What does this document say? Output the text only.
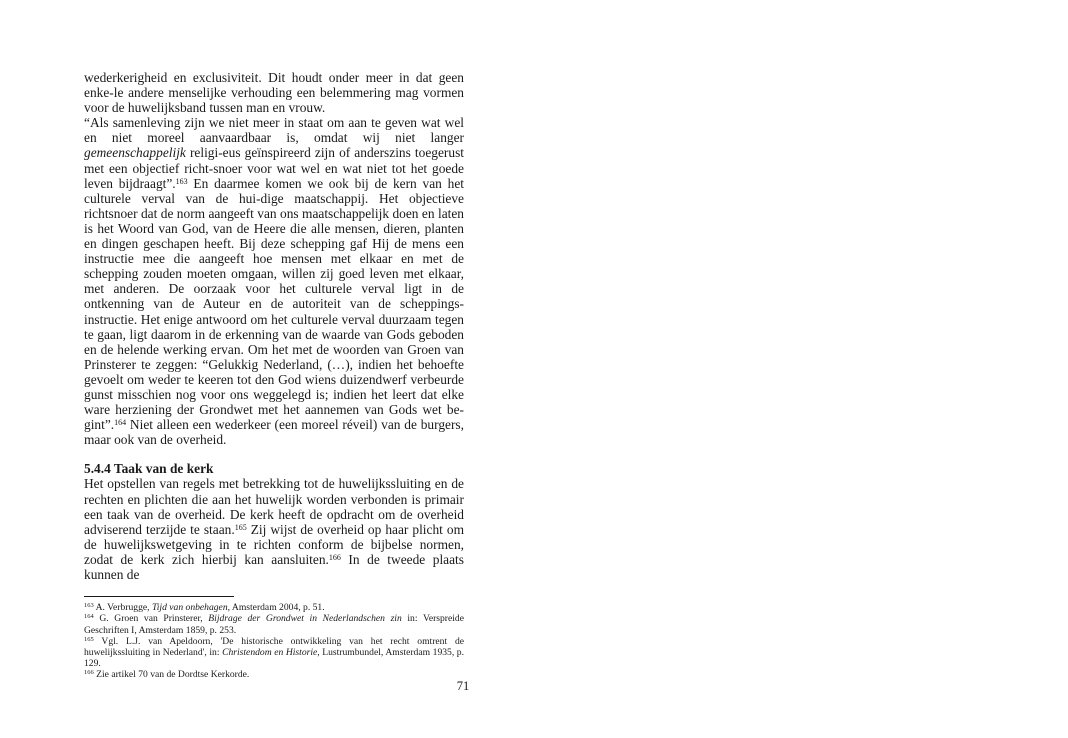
wederkerigheid en exclusiviteit. Dit houdt onder meer in dat geen enke-le andere menselijke verhouding een belemmering mag vormen voor de huwelijksband tussen man en vrouw.

“Als samenleving zijn we niet meer in staat om aan te geven wat wel en niet moreel aanvaardbaar is, omdat wij niet langer gemeenschappelijk religi-eus geïnspireerd zijn of anderszins toegerust met een objectief richt-snoer voor wat wel en wat niet tot het goede leven bijdraagt”.$^{163}$ En daarmee komen we ook bij de kern van het culturele verval van de hui-dige maatschappij. Het objectieve richtsnoer dat de norm aangeeft van ons maatschappelijk doen en laten is het Woord van God, van de Heere die alle mensen, dieren, planten en dingen geschapen heeft. Bij deze schepping gaf Hij de mens een instructie mee die aangeeft hoe mensen met elkaar en met de schepping zouden moeten omgaan, willen zij goed leven met elkaar, met anderen. De oorzaak voor het culturele verval ligt in de ontkenning van de Auteur en de autoriteit van de scheppings-instructie. Het enige antwoord om het culturele verval duurzaam tegen te gaan, ligt daarom in de erkenning van de waarde van Gods geboden en de helende werking ervan. Om het met de woorden van Groen van Prinsterer te zeggen: “Gelukkig Nederland, (…), indien het behoefte gevoelt om weder te keeren tot den God wiens duizendwerf verbeurde gunst misschien nog voor ons weggelegd is; indien het leert dat elke ware herziening der Grondwet met het aannemen van Gods wet be-gint”.$^{164}$ Niet alleen een wederkeer (een moreel réveil) van de burgers, maar ook van de overheid.

5.4.4 Taak van de kerk

Het opstellen van regels met betrekking tot de huwelijkssluiting en de rechten en plichten die aan het huwelijk worden verbonden is primair een taak van de overheid. De kerk heeft de opdracht om de overheid adviserend terzijde te staan.$^{165}$ Zij wijst de overheid op haar plicht om de huwelijkswetgeving in te richten conform de bijbelse normen, zodat de kerk zich hierbij kan aansluiten.$^{166}$ In de tweede plaats kunnen de

$^{163}$ A. Verbrugge, Tijd van onbehagen, Amsterdam 2004, p. 51.

$^{164}$ G. Groen van Prinsterer, Bijdrage der Grondwet in Nederlandschen zin in: Verspreide Geschriften I, Amsterdam 1859, p. 253.

$^{165}$ Vgl. L.J. van Apeldoorn, 'De historische ontwikkeling van het recht omtrent de huwelijkssluiting in Nederland', in: Christendom en Historie, Lustrumbundel, Amsterdam 1935, p. 129.

$^{166}$ Zie artikel 70 van de Dordtse Kerkorde.

71
